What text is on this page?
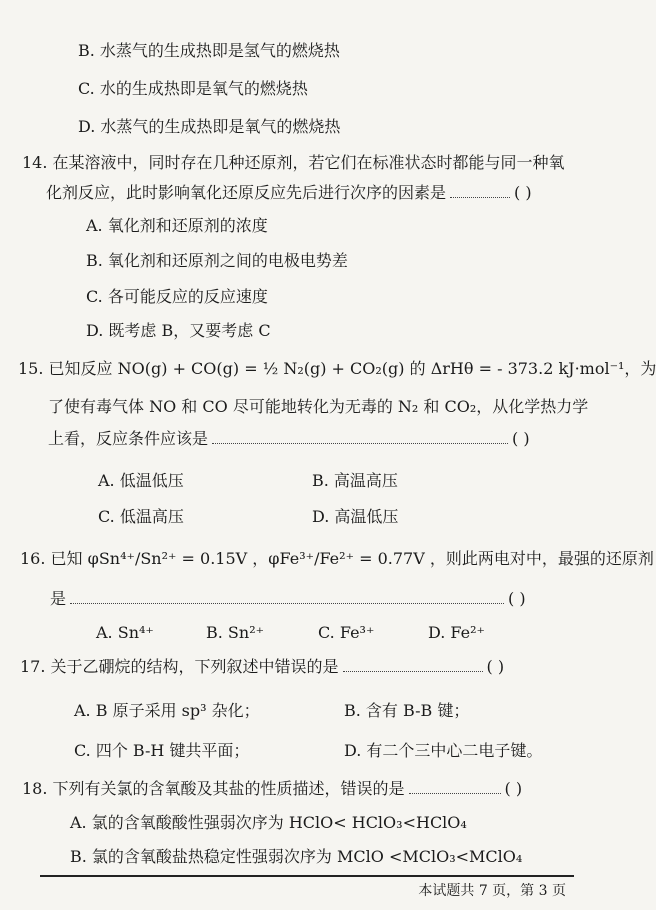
B. 水蒸气的生成热即是氢气的燃烧热
C. 水的生成热即是氧气的燃烧热
D. 水蒸气的生成热即是氧气的燃烧热
14. 在某溶液中，同时存在几种还原剂，若它们在标准状态时都能与同一种氧
化剂反应，此时影响氧化还原反应先后进行次序的因素是	( )
A. 氧化剂和还原剂的浓度
B. 氧化剂和还原剂之间的电极电势差
C. 各可能反应的反应速度
D. 既考虑 B，又要考虑 C
15. 已知反应 NO(g) + CO(g) = ½ N₂(g) + CO₂(g) 的 ΔrHθ = - 373.2 kJ·mol⁻¹，为
了使有毒气体 NO 和 CO 尽可能地转化为无毒的 N₂ 和 CO₂，从化学热力学
上看，反应条件应该是	( )
A. 低温低压	B. 高温高压
C. 低温高压	D. 高温低压
16. 已知 φSn⁴⁺/Sn²⁺ = 0.15V ，φFe³⁺/Fe²⁺ = 0.77V ，则此两电对中，最强的还原剂
是	( )
A. Sn⁴⁺	B. Sn²⁺	C. Fe³⁺	D. Fe²⁺
17. 关于乙硼烷的结构，下列叙述中错误的是	( )
A. B 原子采用 sp³ 杂化；	B. 含有 B-B 键；
C. 四个 B-H 键共平面；	D. 有二个三中心二电子键。
18. 下列有关氯的含氧酸及其盐的性质描述，错误的是	( )
A. 氯的含氧酸酸性强弱次序为 HClO< HClO₃<HClO₄
B. 氯的含氧酸盐热稳定性强弱次序为 MClO <MClO₃<MClO₄
本试题共 7 页，第 3 页
